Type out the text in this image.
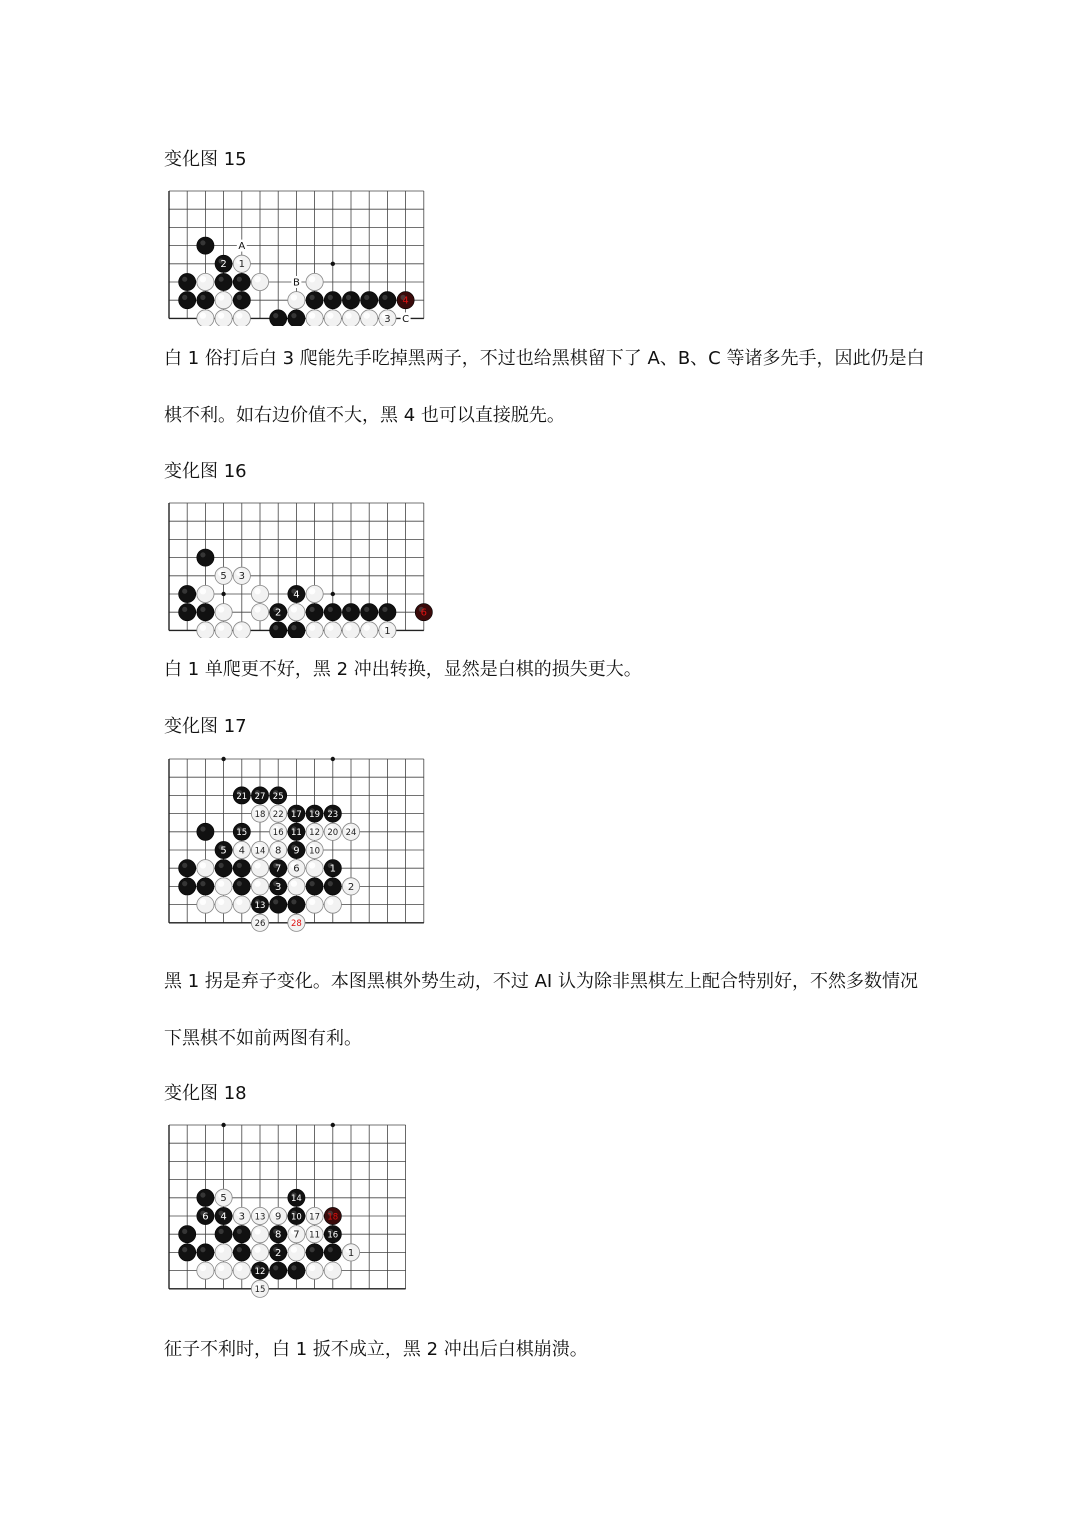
变化图 15
2 1
4
3
A
B
C

白 1 俗打后白 3 爬能先手吃掉黑两子，不过也给黑棋留下了 A、B、C 等诸多先手，因此仍是白棋不利。如右边价值不大，黑 4 也可以直接脱先。

变化图 16
5 3
4
2	6
1

白 1 单爬更不好，黑 2 冲出转换，显然是白棋的损失更大。

变化图 17
21 27 25
18 22 17 19 23
15	16 11 12 20 24
5 4 14 8 9 10
7 6	1
3	2
13
26	28

黑 1 拐是弃子变化。本图黑棋外势生动，不过 AI 认为除非黑棋左上配合特别好，不然多数情况下黑棋不如前两图有利。

变化图 18
5	14
6 4 3 13 9 10 17 18
8 7 11 16
2	1
12
15

征子不利时，白 1 扳不成立，黑 2 冲出后白棋崩溃。
